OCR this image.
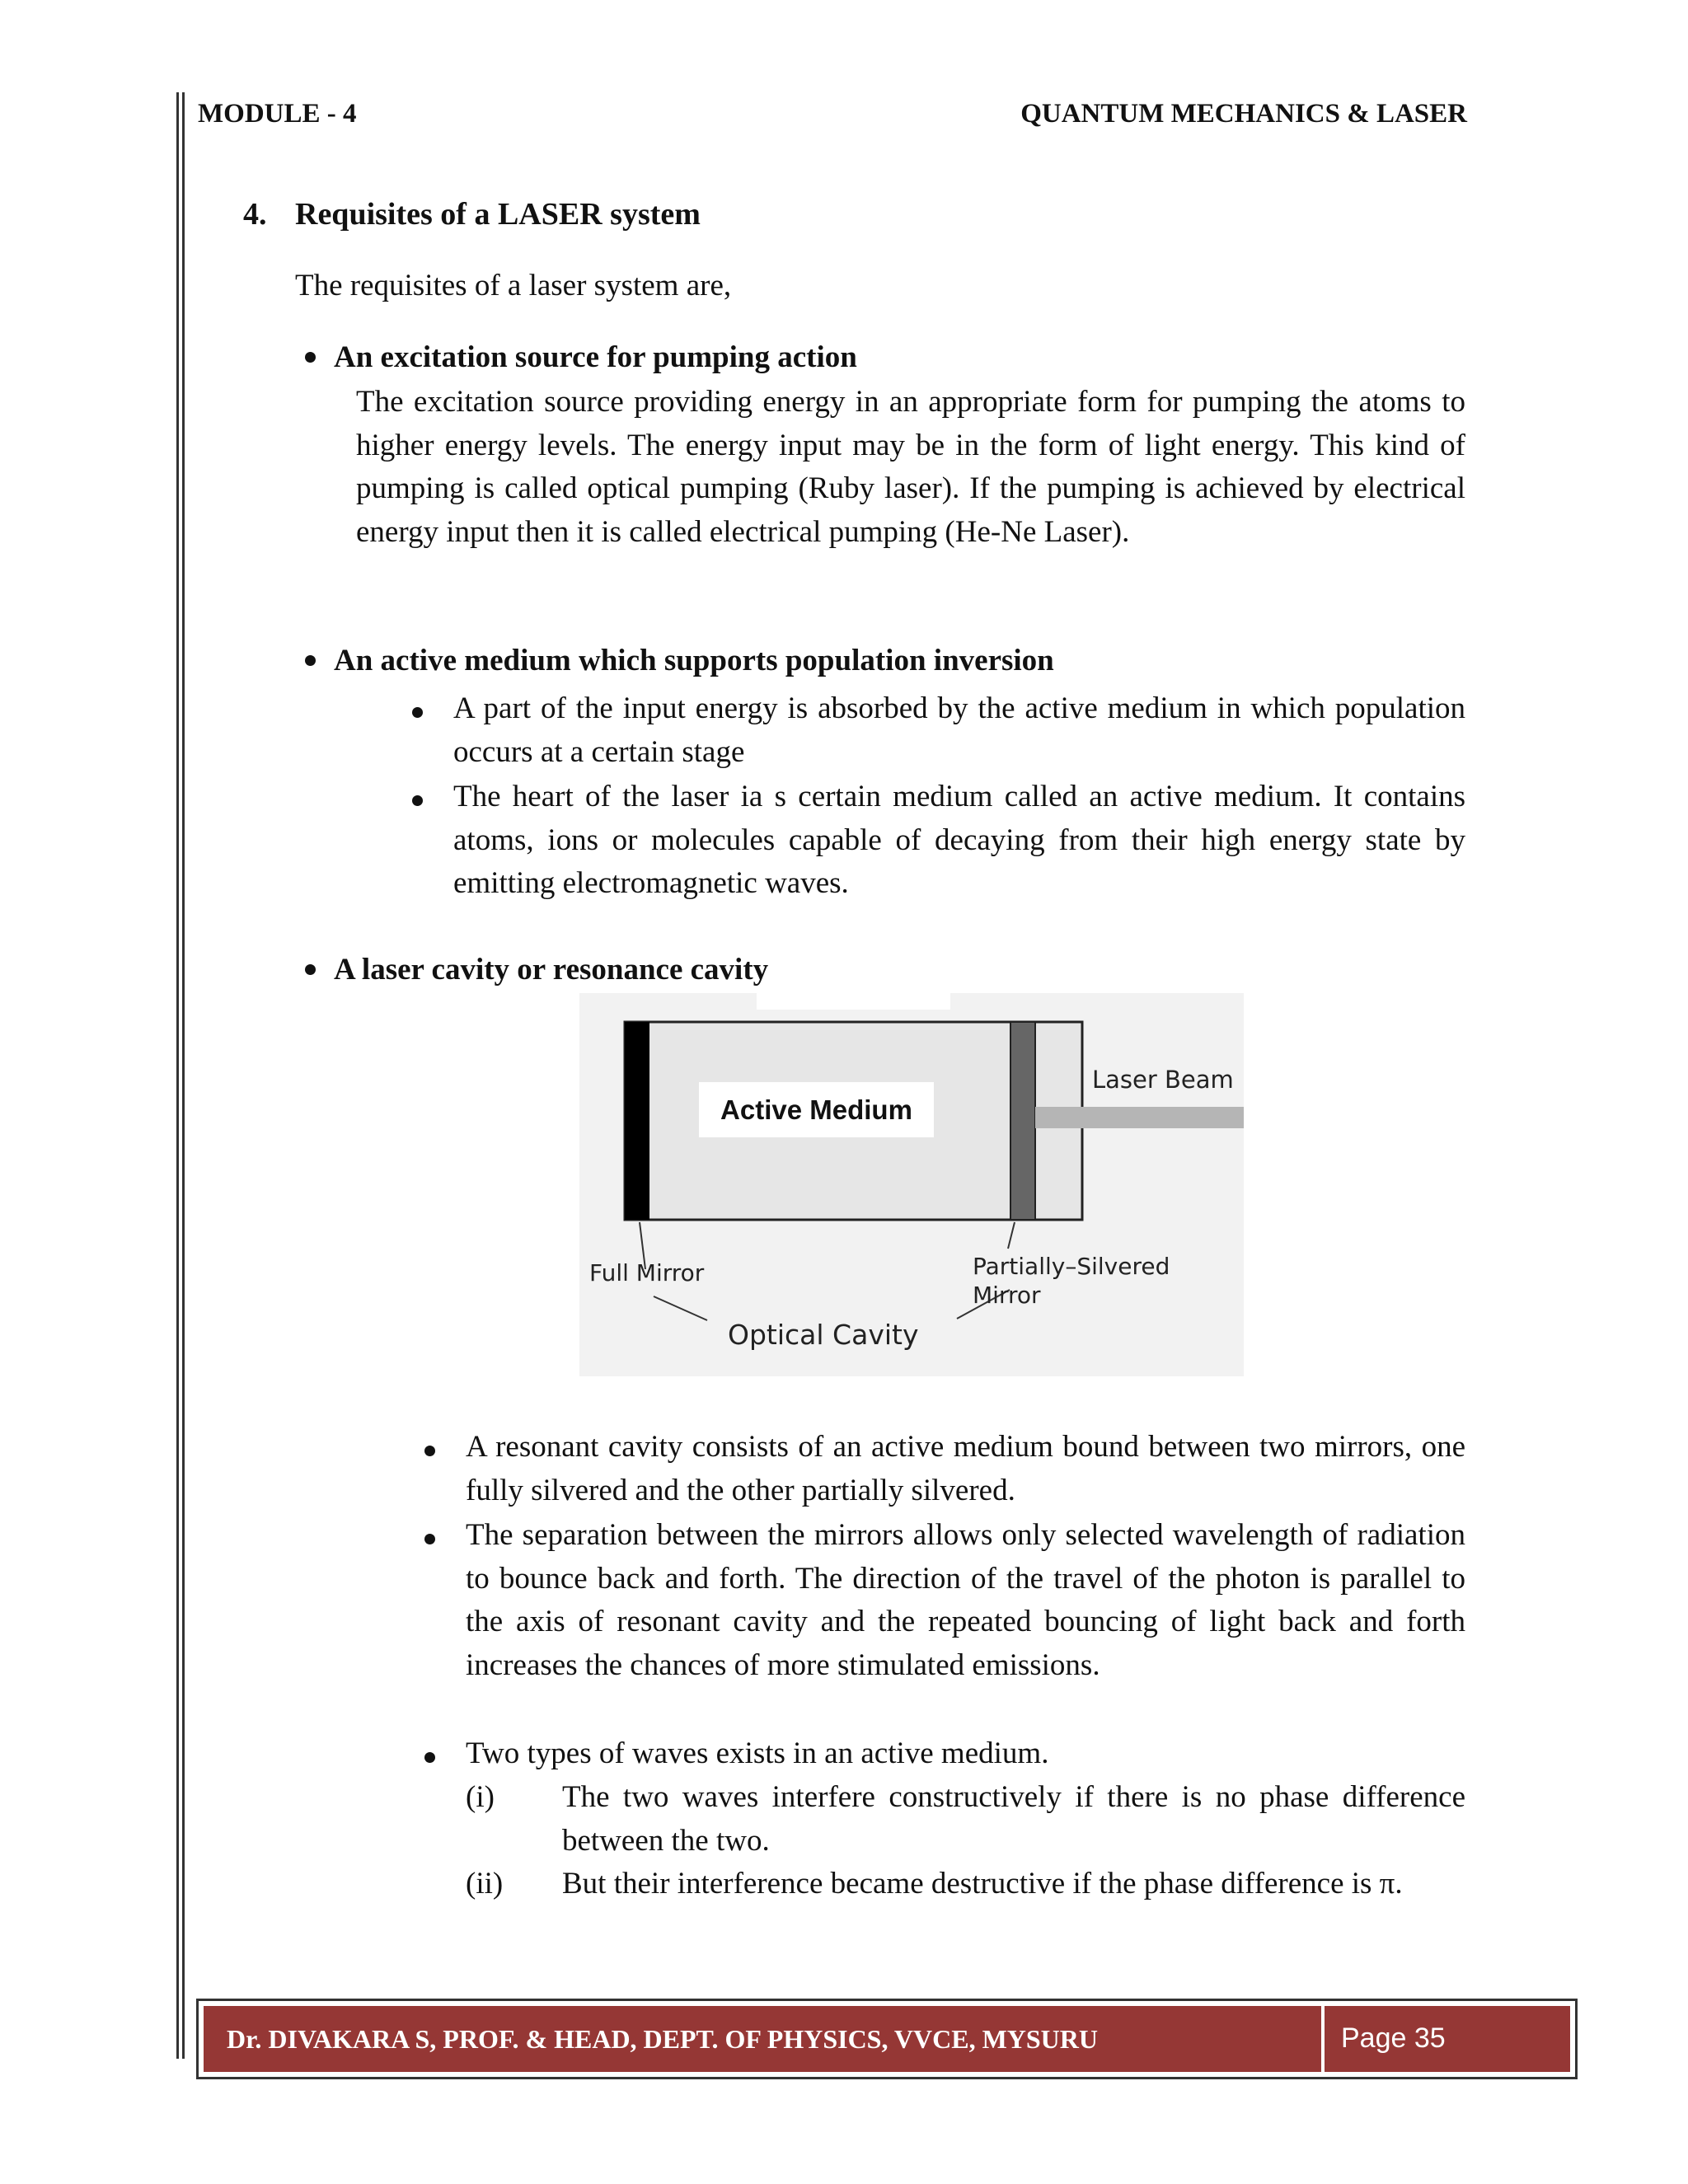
MODULE - 4	QUANTUM MECHANICS & LASER
4. Requisites of a LASER system
The requisites of a laser system are,
An excitation source for pumping action
The excitation source providing energy in an appropriate form for pumping the atoms to higher energy levels. The energy input may be in the form of light energy. This kind of pumping is called optical pumping (Ruby laser). If the pumping is achieved by electrical energy input then it is called electrical pumping (He-Ne Laser).
An active medium which supports population inversion
A part of the input energy is absorbed by the active medium in which population occurs at a certain stage
The heart of the laser ia s certain medium called an active medium. It contains atoms, ions or molecules capable of decaying from their high energy state by emitting electromagnetic waves.
A laser cavity or resonance cavity
Active Medium
Laser Beam
Full Mirror	Partially–Silvered
Mirror
Optical Cavity
A resonant cavity consists of an active medium bound between two mirrors, one fully silvered and the other partially silvered.
The separation between the mirrors allows only selected wavelength of radiation to bounce back and forth. The direction of the travel of the photon is parallel to the axis of resonant cavity and the repeated bouncing of light back and forth increases the chances of more stimulated emissions.
Two types of waves exists in an active medium.
(i) The two waves interfere constructively if there is no phase difference between the two.
(ii) But their interference became destructive if the phase difference is π.
Dr. DIVAKARA S, PROF. & HEAD, DEPT. OF PHYSICS, VVCE, MYSURU	Page 35
